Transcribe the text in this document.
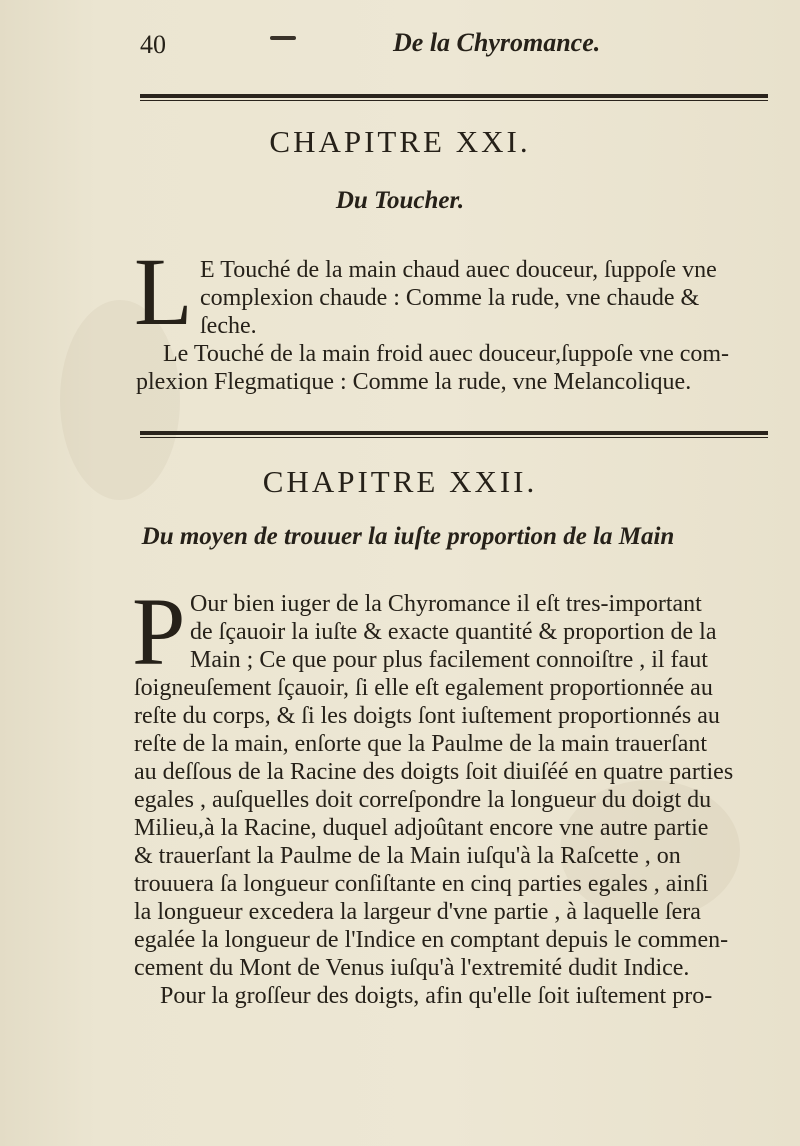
40	De la Chyromance.
CHAPITRE XXI.
Du Toucher.
L E Touché de la main chaud auec douceur, ſuppoſe vne
complexion chaude : Comme la rude, vne chaude &
ſeche.
Le Touché de la main froid auec douceur,ſuppoſe vne com-
plexion Flegmatique : Comme la rude, vne Melancolique.
CHAPITRE XXII.
Du moyen de trouuer la iuſte proportion de la Main
P Our bien iuger de la Chyromance il eſt tres-important
de ſçauoir la iuſte & exacte quantité & proportion de la
Main ; Ce que pour plus facilement connoiſtre , il faut
ſoigneuſement ſçauoir, ſi elle eſt egalement proportionnée au
reſte du corps, & ſi les doigts ſont iuſtement proportionnés au
reſte de la main, enſorte que la Paulme de la main trauerſant
au deſſous de la Racine des doigts ſoit diuiſéé en quatre parties
egales , auſquelles doit correſpondre la longueur du doigt du
Milieu,à la Racine, duquel adjoûtant encore vne autre partie
& trauerſant la Paulme de la Main iuſqu'à la Raſcette , on
trouuera ſa longueur conſiſtante en cinq parties egales , ainſi
la longueur excedera la largeur d'vne partie , à laquelle ſera
egalée la longueur de l'Indice en comptant depuis le commen-
cement du Mont de Venus iuſqu'à l'extremité dudit Indice.
Pour la groſſeur des doigts, afin qu'elle ſoit iuſtement pro-
